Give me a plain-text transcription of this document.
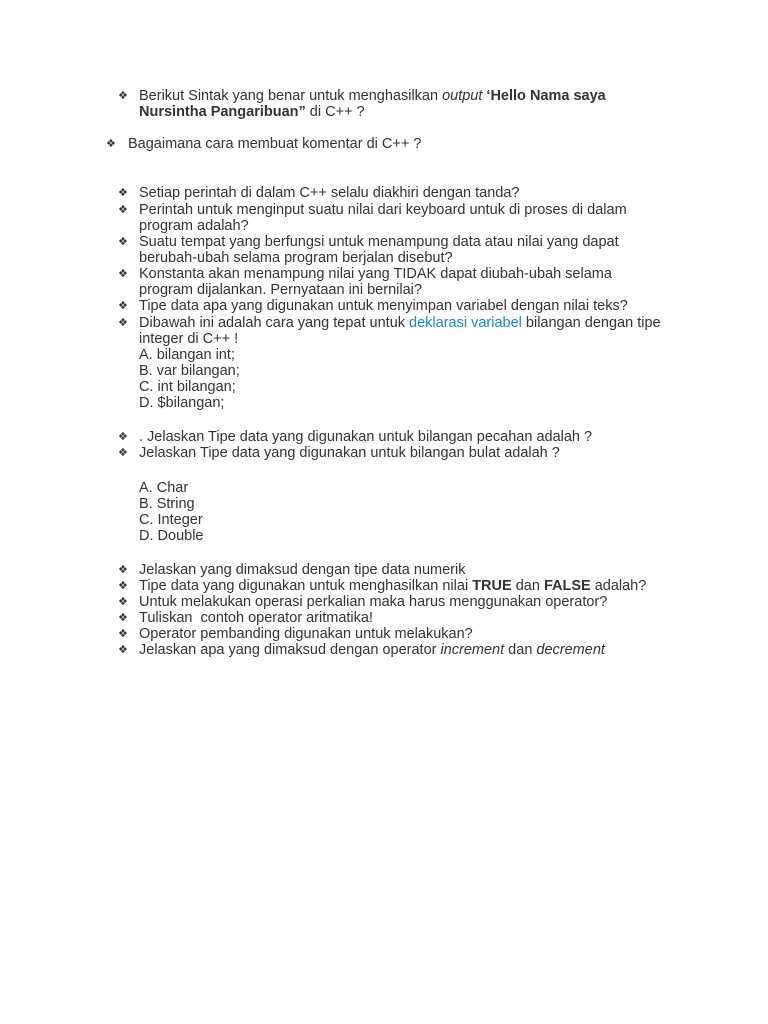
❖ Berikut Sintak yang benar untuk menghasilkan output ‘Hello Nama saya
Nursintha Pangaribuan” di C++ ?
❖ Bagaimana cara membuat komentar di C++ ?
❖ Setiap perintah di dalam C++ selalu diakhiri dengan tanda?
❖ Perintah untuk menginput suatu nilai dari keyboard untuk di proses di dalam
program adalah?
❖ Suatu tempat yang berfungsi untuk menampung data atau nilai yang dapat
berubah-ubah selama program berjalan disebut?
❖ Konstanta akan menampung nilai yang TIDAK dapat diubah-ubah selama
program dijalankan. Pernyataan ini bernilai?
❖ Tipe data apa yang digunakan untuk menyimpan variabel dengan nilai teks?
❖ Dibawah ini adalah cara yang tepat untuk deklarasi variabel bilangan dengan tipe
integer di C++ !
A. bilangan int;
B. var bilangan;
C. int bilangan;
D. $bilangan;
❖ . Jelaskan Tipe data yang digunakan untuk bilangan pecahan adalah ?
❖ Jelaskan Tipe data yang digunakan untuk bilangan bulat adalah ?
A. Char
B. String
C. Integer
D. Double
❖ Jelaskan yang dimaksud dengan tipe data numerik
❖ Tipe data yang digunakan untuk menghasilkan nilai TRUE dan FALSE adalah?
❖ Untuk melakukan operasi perkalian maka harus menggunakan operator?
❖ Tuliskan  contoh operator aritmatika!
❖ Operator pembanding digunakan untuk melakukan?
❖ Jelaskan apa yang dimaksud dengan operator increment dan decrement
